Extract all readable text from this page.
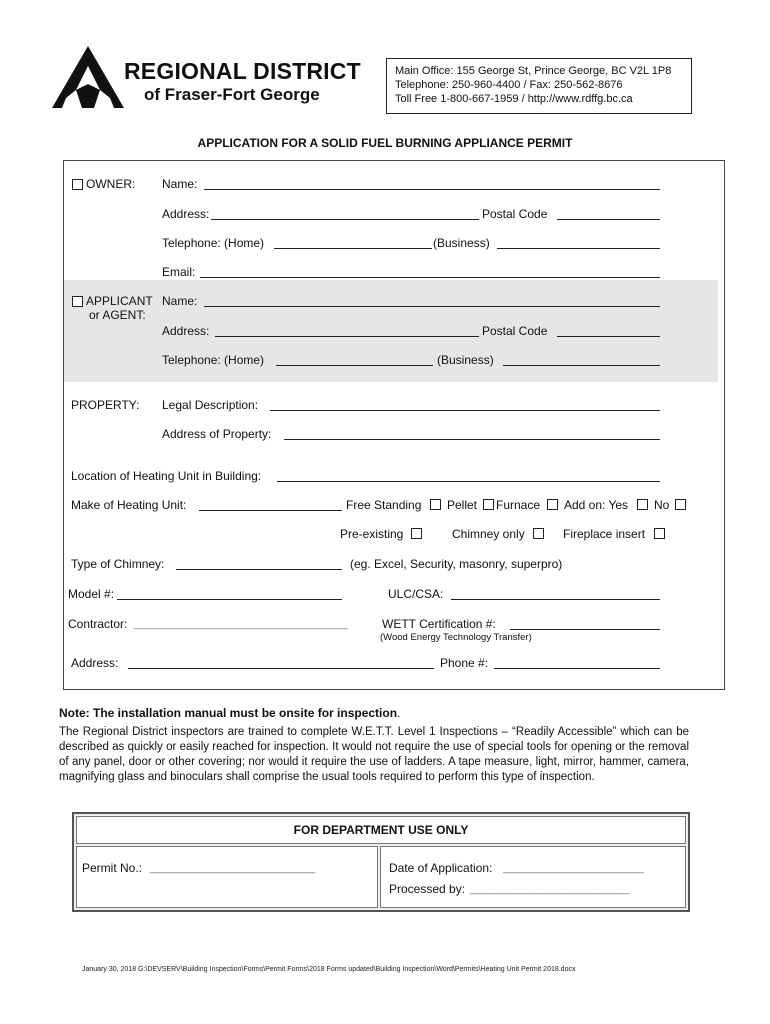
REGIONAL DISTRICT
of Fraser-Fort George
Main Office: 155 George St, Prince George, BC V2L 1P8
Telephone: 250-960-4400 / Fax: 250-562-8676
Toll Free 1-800-667-1959 / http://www.rdffg.bc.ca
APPLICATION FOR A SOLID FUEL BURNING APPLIANCE PERMIT
OWNER: Name:
Address:	Postal Code
Telephone: (Home)	(Business)
Email:
APPLICANT
or AGENT:
Name:
Address:	Postal Code
Telephone: (Home)	(Business)
PROPERTY: Legal Description:
Address of Property:
Location of Heating Unit in Building:
Make of Heating Unit:	Free Standing Pellet Furnace Add on: Yes No
Pre-existing	Chimney only	Fireplace insert
Type of Chimney:	(eg. Excel, Security, masonry, superpro)
Model #:	ULC/CSA:
Contractor: ___________________________________	WETT Certification #:
(Wood Energy Technology Transfer)
Address:	Phone #:
Note: The installation manual must be onsite for inspection.
The Regional District inspectors are trained to complete W.E.T.T. Level 1 Inspections – “Readily Accessible” which can be described as quickly or easily reached for inspection. It would not require the use of special tools for opening or the removal of any panel, door or other covering; nor would it require the use of ladders. A tape measure, light, mirror, hammer, camera, magnifying glass and binoculars shall comprise the usual tools required to perform this type of inspection.
FOR DEPARTMENT USE ONLY
Permit No.: ___________________________	Date of Application: _______________________
Processed by: __________________________
January 30, 2018 G:\DEVSERV\Building Inspection\Forms\Permit Forms\2018 Forms updated\Building Inspection\Word\Permits\Heating Unit Permit 2018.docx
